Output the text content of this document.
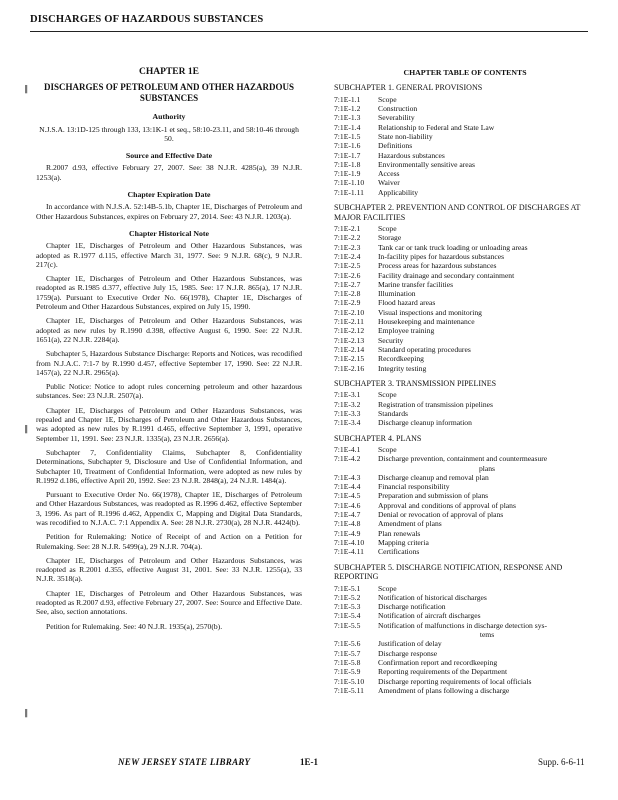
DISCHARGES OF HAZARDOUS SUBSTANCES
╹
╹
╹
CHAPTER 1E
DISCHARGES OF PETROLEUM AND OTHER HAZARDOUS SUBSTANCES
Authority

N.J.S.A. 13:1D-125 through 133, 13:1K-1 et seq., 58:10-23.11, and 58:10-46 through 50.

Source and Effective Date

R.2007 d.93, effective February 27, 2007. See: 38 N.J.R. 4285(a), 39 N.J.R. 1253(a).

Chapter Expiration Date

In accordance with N.J.S.A. 52:14B-5.1b, Chapter 1E, Discharges of Petroleum and Other Hazardous Substances, expires on February 27, 2014. See: 43 N.J.R. 1203(a).

Chapter Historical Note

Chapter 1E, Discharges of Petroleum and Other Hazardous Substances, was adopted as R.1977 d.115, effective March 31, 1977. See: 9 N.J.R. 68(c), 9 N.J.R. 217(c).

Chapter 1E, Discharges of Petroleum and Other Hazardous Substances, was readopted as R.1985 d.377, effective July 15, 1985. See: 17 N.J.R. 865(a), 17 N.J.R. 1759(a). Pursuant to Executive Order No. 66(1978), Chapter 1E, Discharges of Petroleum and Other Hazardous Substances, expired on July 15, 1990.

Chapter 1E, Discharges of Petroleum and Other Hazardous Substances, was adopted as new rules by R.1990 d.398, effective August 6, 1990. See: 22 N.J.R. 1651(a), 22 N.J.R. 2284(a).

Subchapter 5, Hazardous Substance Discharge: Reports and Notices, was recodified from N.J.A.C. 7:1-7 by R.1990 d.457, effective September 17, 1990. See: 22 N.J.R. 1457(a), 22 N.J.R. 2965(a).

Public Notice: Notice to adopt rules concerning petroleum and other hazardous substances. See: 23 N.J.R. 2507(a).

Chapter 1E, Discharges of Petroleum and Other Hazardous Substances, was repealed and Chapter 1E, Discharges of Petroleum and Other Hazardous Substances, was adopted as new rules by R.1991 d.465, effective September 3, 1991, operative September 11, 1991. See: 23 N.J.R. 1335(a), 23 N.J.R. 2656(a).

Subchapter 7, Confidentiality Claims, Subchapter 8, Confidentiality Determinations, Subchapter 9, Disclosure and Use of Confidential Information, and Subchapter 10, Treatment of Confidential Information, were adopted as new rules by R.1992 d.186, effective April 20, 1992. See: 23 N.J.R. 2848(a), 24 N.J.R. 1484(a).

Pursuant to Executive Order No. 66(1978), Chapter 1E, Discharges of Petroleum and Other Hazardous Substances, was readopted as R.1996 d.462, effective September 3, 1996. As part of R.1996 d.462, Appendix C, Mapping and Digital Data Standards, was recodified to N.J.A.C. 7:1 Appendix A. See: 28 N.J.R. 2730(a), 28 N.J.R. 4424(b).

Petition for Rulemaking: Notice of Receipt of and Action on a Petition for Rulemaking. See: 28 N.J.R. 5499(a), 29 N.J.R. 704(a).

Chapter 1E, Discharges of Petroleum and Other Hazardous Substances, was readopted as R.2001 d.355, effective August 31, 2001. See: 33 N.J.R. 1255(a), 33 N.J.R. 3518(a).

Chapter 1E, Discharges of Petroleum and Other Hazardous Substances, was readopted as R.2007 d.93, effective February 27, 2007. See: Source and Effective Date. See, also, section annotations.

Petition for Rulemaking. See: 40 N.J.R. 1935(a), 2570(b).

CHAPTER TABLE OF CONTENTS
SUBCHAPTER 1. GENERAL PROVISIONS
7:1E-1.1	Scope
7:1E-1.2	Construction
7:1E-1.3	Severability
7:1E-1.4	Relationship to Federal and State Law
7:1E-1.5	State non-liability
7:1E-1.6	Definitions
7:1E-1.7	Hazardous substances
7:1E-1.8	Environmentally sensitive areas
7:1E-1.9	Access
7:1E-1.10	Waiver
7:1E-1.11	Applicability
SUBCHAPTER 2. PREVENTION AND CONTROL OF DISCHARGES AT MAJOR FACILITIES
7:1E-2.1	Scope
7:1E-2.2	Storage
7:1E-2.3	Tank car or tank truck loading or unloading areas
7:1E-2.4	In-facility pipes for hazardous substances
7:1E-2.5	Process areas for hazardous substances
7:1E-2.6	Facility drainage and secondary containment
7:1E-2.7	Marine transfer facilities
7:1E-2.8	Illumination
7:1E-2.9	Flood hazard areas
7:1E-2.10	Visual inspections and monitoring
7:1E-2.11	Housekeeping and maintenance
7:1E-2.12	Employee training
7:1E-2.13	Security
7:1E-2.14	Standard operating procedures
7:1E-2.15	Recordkeeping
7:1E-2.16	Integrity testing
SUBCHAPTER 3. TRANSMISSION PIPELINES
7:1E-3.1	Scope
7:1E-3.2	Registration of transmission pipelines
7:1E-3.3	Standards
7:1E-3.4	Discharge cleanup information
SUBCHAPTER 4. PLANS
7:1E-4.1	Scope
7:1E-4.2	Discharge prevention, containment and countermeasure
plans
7:1E-4.3	Discharge cleanup and removal plan
7:1E-4.4	Financial responsibility
7:1E-4.5	Preparation and submission of plans
7:1E-4.6	Approval and conditions of approval of plans
7:1E-4.7	Denial or revocation of approval of plans
7:1E-4.8	Amendment of plans
7:1E-4.9	Plan renewals
7:1E-4.10	Mapping criteria
7:1E-4.11	Certifications
SUBCHAPTER 5. DISCHARGE NOTIFICATION, RESPONSE AND REPORTING
7:1E-5.1	Scope
7:1E-5.2	Notification of historical discharges
7:1E-5.3	Discharge notification
7:1E-5.4	Notification of aircraft discharges
7:1E-5.5	Notification of malfunctions in discharge detection sys-
tems
7:1E-5.6	Justification of delay
7:1E-5.7	Discharge response
7:1E-5.8	Confirmation report and recordkeeping
7:1E-5.9	Reporting requirements of the Department
7:1E-5.10	Discharge reporting requirements of local officials
7:1E-5.11	Amendment of plans following a discharge
NEW JERSEY STATE LIBRARY	1E-1	Supp. 6-6-11
